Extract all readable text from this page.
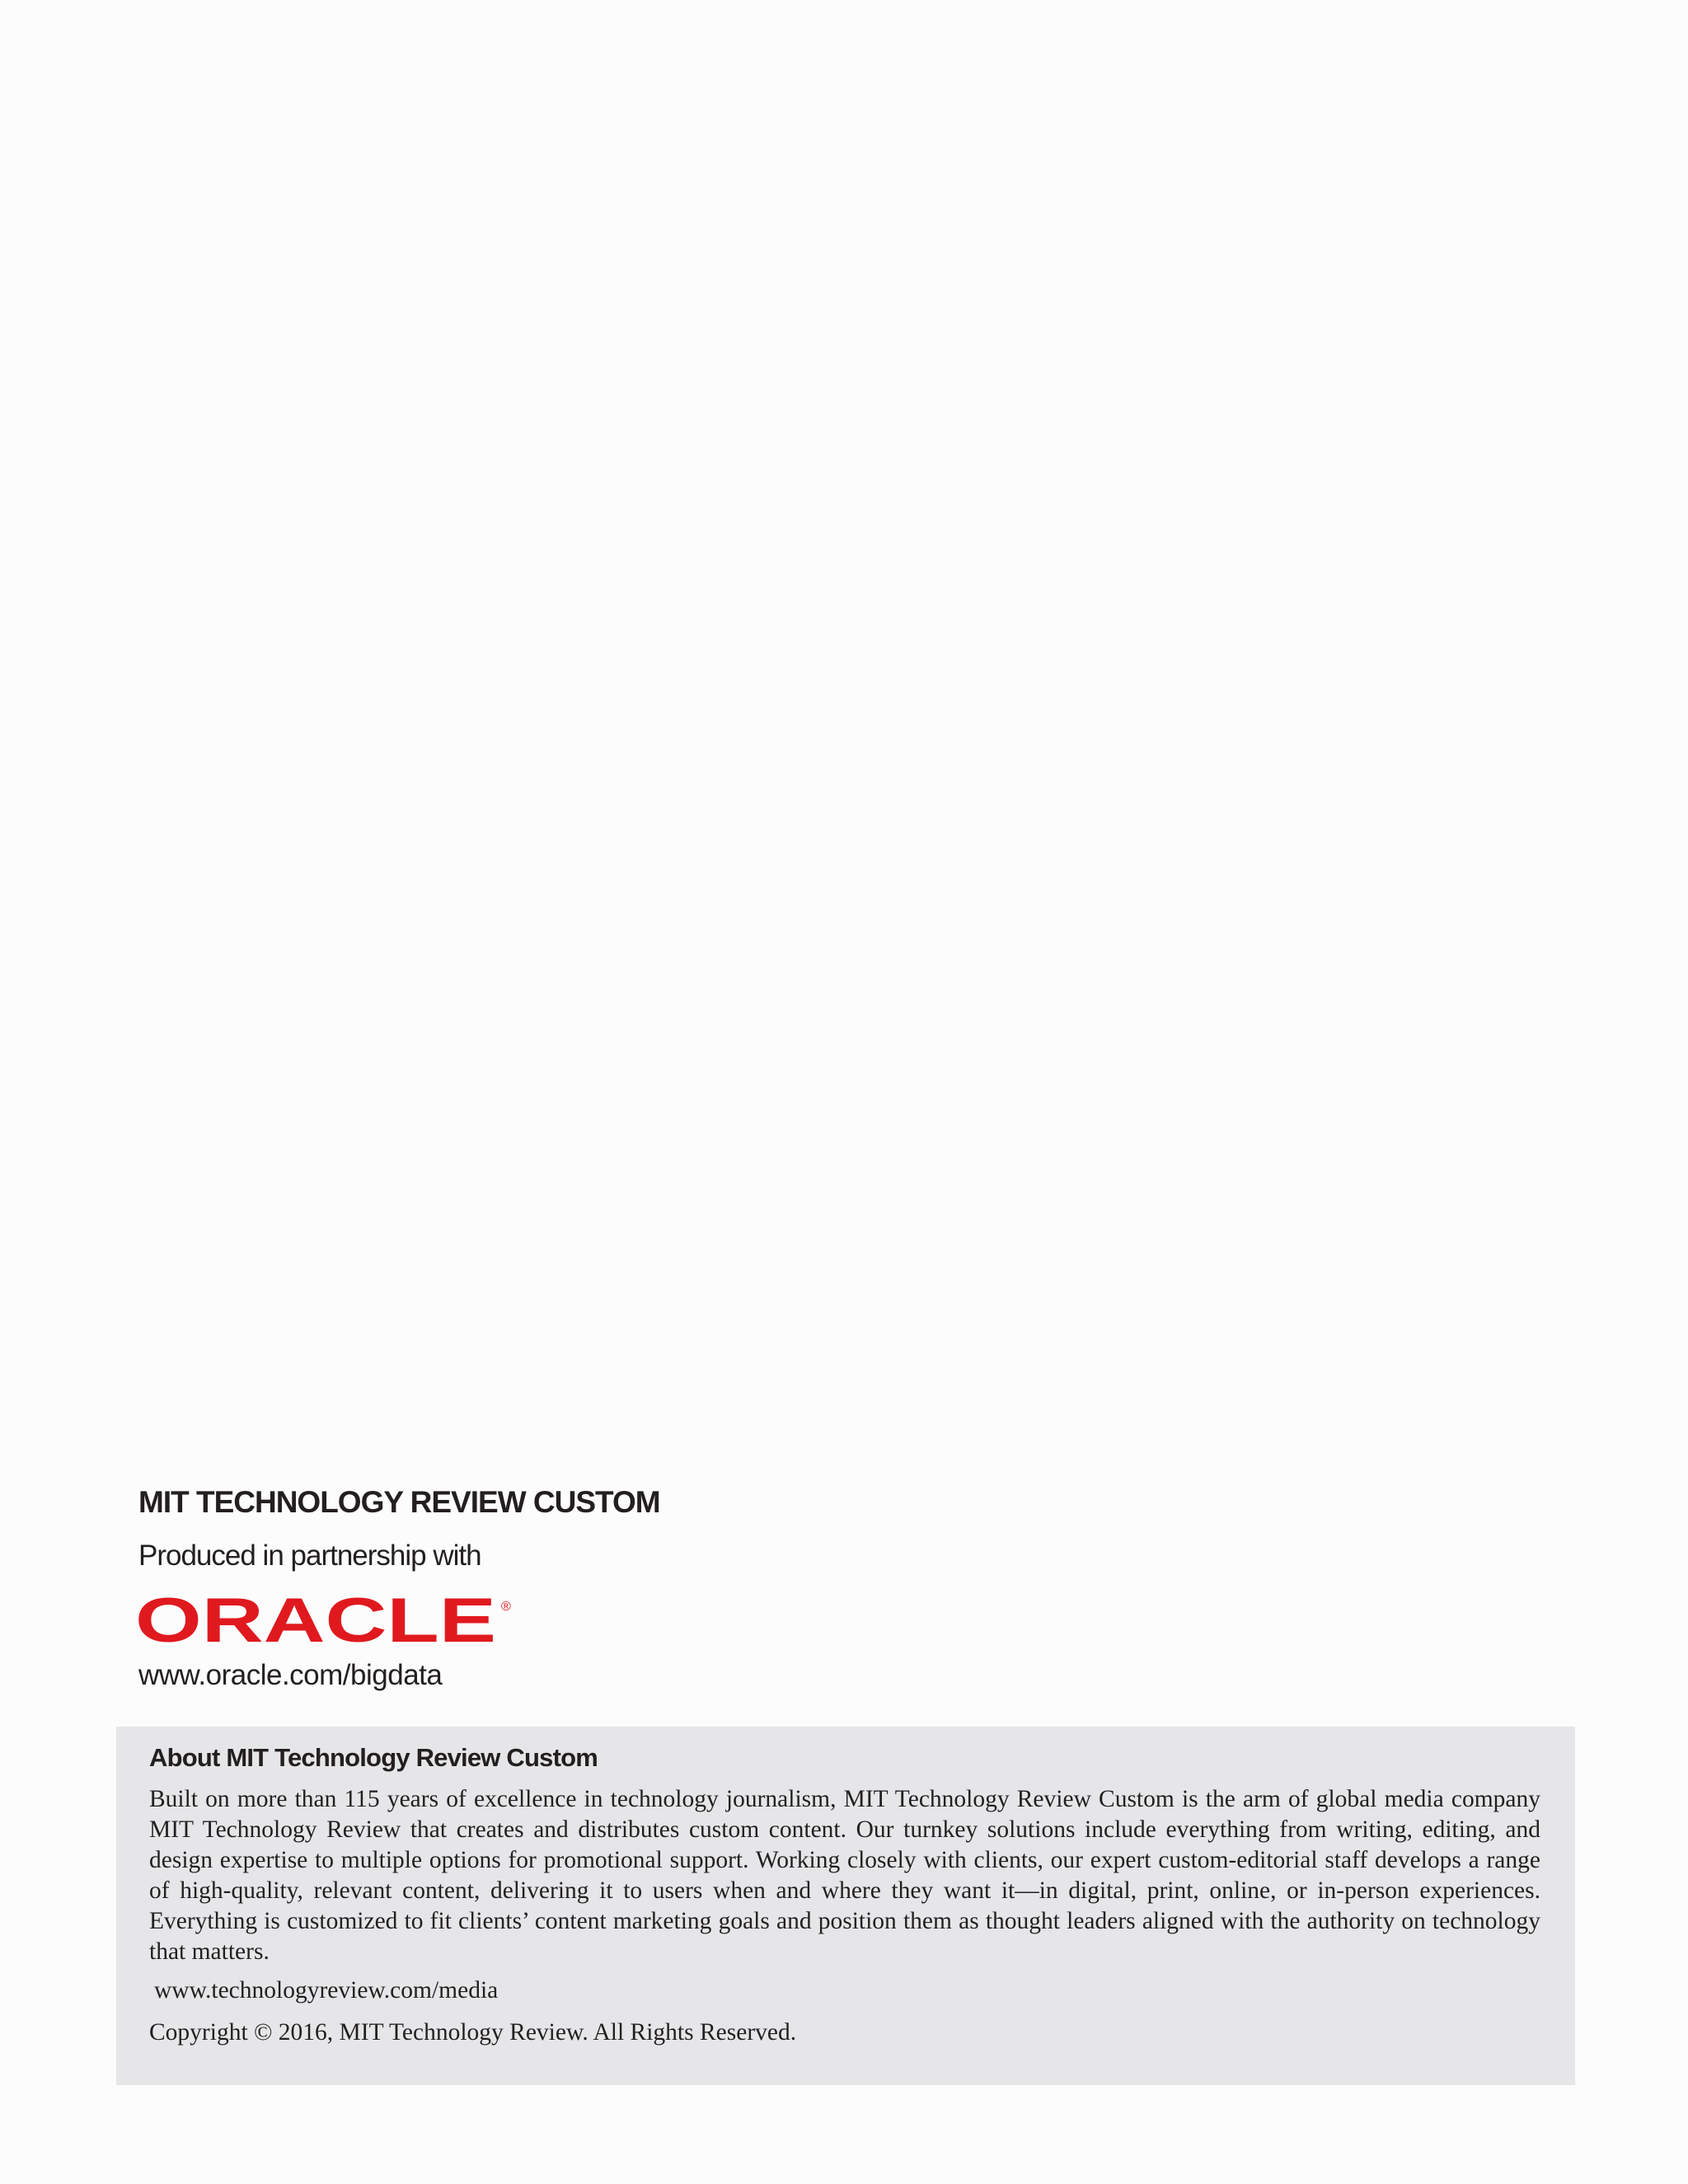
MIT TECHNOLOGY REVIEW CUSTOM
Produced in partnership with
ORACLE ®
www.oracle.com/bigdata
About MIT Technology Review Custom

Built on more than 115 years of excellence in technology journalism, MIT Technology Review Custom is the arm of global media company MIT Technology Review that creates and distributes custom content. Our turnkey solutions include everything from writing, editing, and design expertise to multiple options for promotional support. Working closely with clients, our expert custom-editorial staff develops a range of high-quality, relevant content, delivering it to users when and where they want it—in digital, print, online, or in-person experiences. Everything is customized to fit clients’ content marketing goals and position them as thought leaders aligned with the authority on technology that matters.

www.technologyreview.com/media
Copyright © 2016, MIT Technology Review. All Rights Reserved.
